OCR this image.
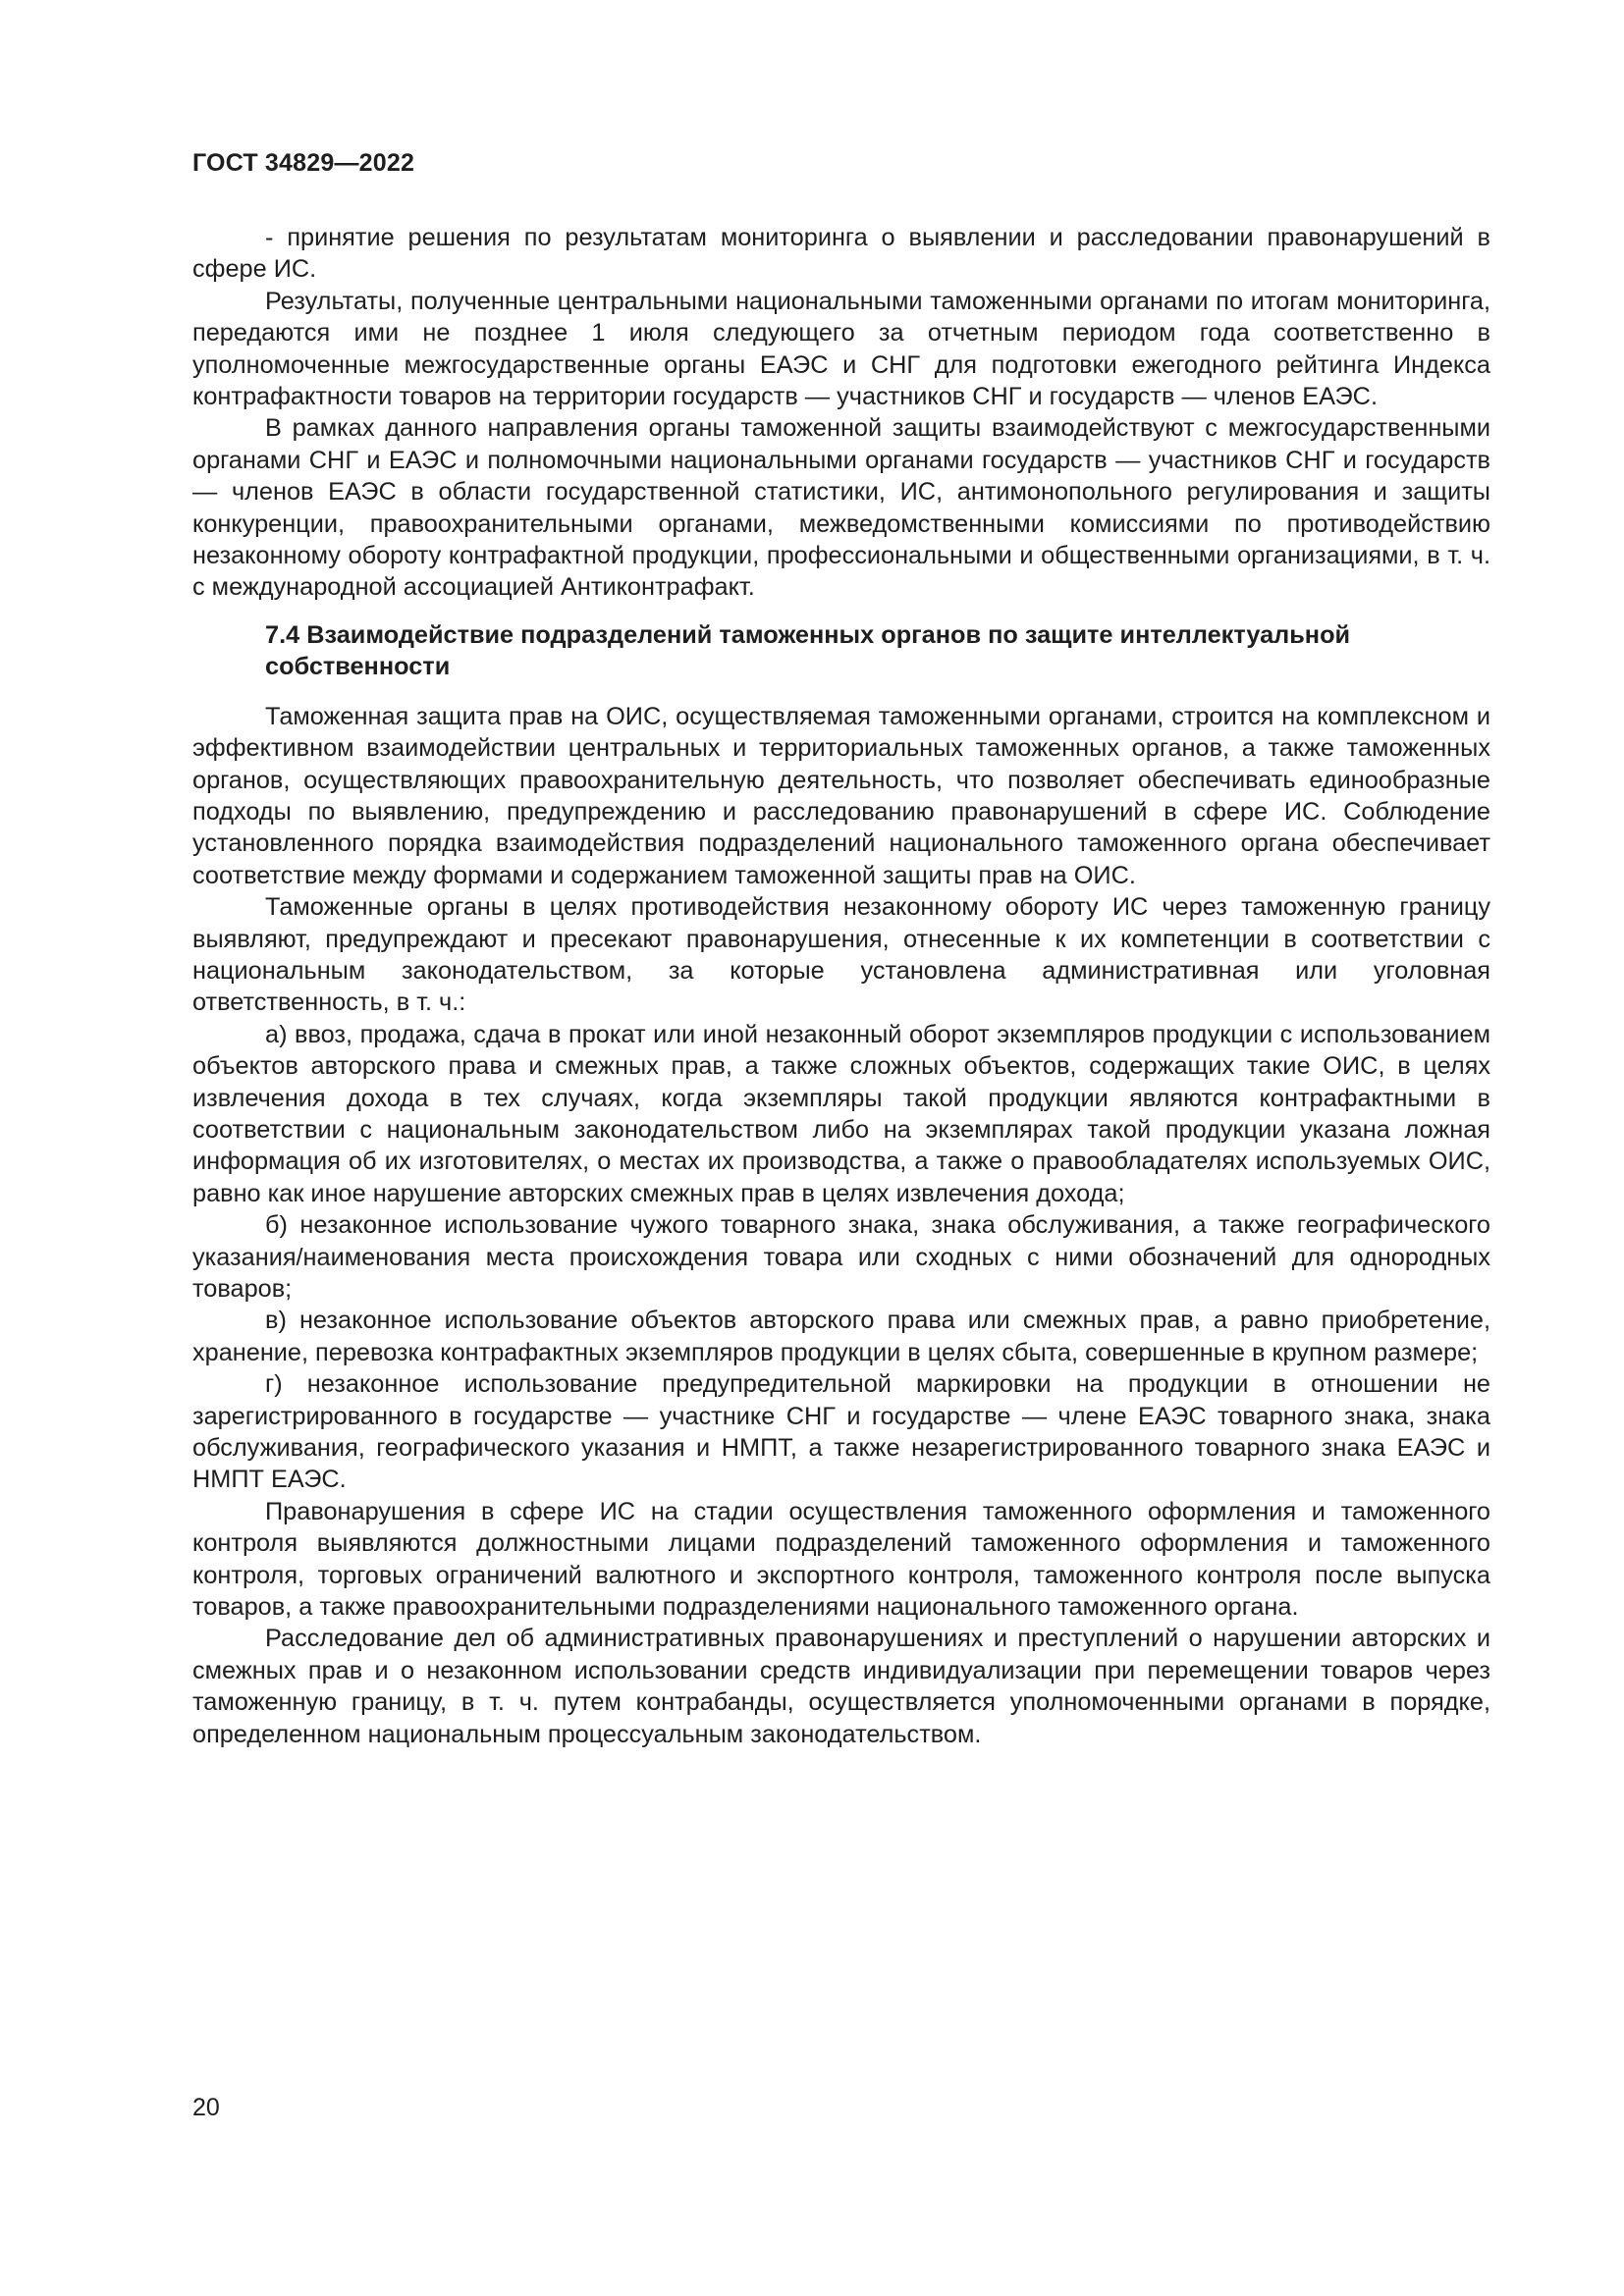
ГОСТ 34829—2022

- принятие решения по результатам мониторинга о выявлении и расследовании правонарушений в сфере ИС.

Результаты, полученные центральными национальными таможенными органами по итогам мониторинга, передаются ими не позднее 1 июля следующего за отчетным периодом года соответственно в уполномоченные межгосударственные органы ЕАЭС и СНГ для подготовки ежегодного рейтинга Индекса контрафактности товаров на территории государств — участников СНГ и государств — членов ЕАЭС.

В рамках данного направления органы таможенной защиты взаимодействуют с межгосударственными органами СНГ и ЕАЭС и полномочными национальными органами государств — участников СНГ и государств — членов ЕАЭС в области государственной статистики, ИС, антимонопольного регулирования и защиты конкуренции, правоохранительными органами, межведомственными комиссиями по противодействию незаконному обороту контрафактной продукции, профессиональными и общественными организациями, в т. ч. с международной ассоциацией Антиконтрафакт.

7.4 Взаимодействие подразделений таможенных органов по защите интеллектуальной собственности

Таможенная защита прав на ОИС, осуществляемая таможенными органами, строится на комплексном и эффективном взаимодействии центральных и территориальных таможенных органов, а также таможенных органов, осуществляющих правоохранительную деятельность, что позволяет обеспечивать единообразные подходы по выявлению, предупреждению и расследованию правонарушений в сфере ИС. Соблюдение установленного порядка взаимодействия подразделений национального таможенного органа обеспечивает соответствие между формами и содержанием таможенной защиты прав на ОИС.

Таможенные органы в целях противодействия незаконному обороту ИС через таможенную границу выявляют, предупреждают и пресекают правонарушения, отнесенные к их компетенции в соответствии с национальным законодательством, за которые установлена административная или уголовная ответственность, в т. ч.:

а) ввоз, продажа, сдача в прокат или иной незаконный оборот экземпляров продукции с использованием объектов авторского права и смежных прав, а также сложных объектов, содержащих такие ОИС, в целях извлечения дохода в тех случаях, когда экземпляры такой продукции являются контрафактными в соответствии с национальным законодательством либо на экземплярах такой продукции указана ложная информация об их изготовителях, о местах их производства, а также о правообладателях используемых ОИС, равно как иное нарушение авторских смежных прав в целях извлечения дохода;

б) незаконное использование чужого товарного знака, знака обслуживания, а также географического указания/наименования места происхождения товара или сходных с ними обозначений для однородных товаров;

в) незаконное использование объектов авторского права или смежных прав, а равно приобретение, хранение, перевозка контрафактных экземпляров продукции в целях сбыта, совершенные в крупном размере;

г) незаконное использование предупредительной маркировки на продукции в отношении не зарегистрированного в государстве — участнике СНГ и государстве — члене ЕАЭС товарного знака, знака обслуживания, географического указания и НМПТ, а также незарегистрированного товарного знака ЕАЭС и НМПТ ЕАЭС.

Правонарушения в сфере ИС на стадии осуществления таможенного оформления и таможенного контроля выявляются должностными лицами подразделений таможенного оформления и таможенного контроля, торговых ограничений валютного и экспортного контроля, таможенного контроля после выпуска товаров, а также правоохранительными подразделениями национального таможенного органа.

Расследование дел об административных правонарушениях и преступлений о нарушении авторских и смежных прав и о незаконном использовании средств индивидуализации при перемещении товаров через таможенную границу, в т. ч. путем контрабанды, осуществляется уполномоченными органами в порядке, определенном национальным процессуальным законодательством.

20
